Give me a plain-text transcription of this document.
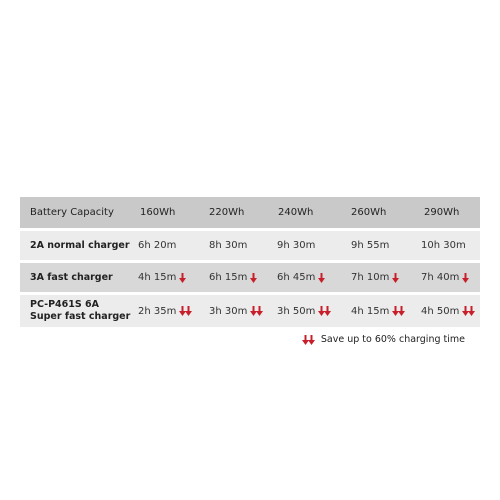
Battery Capacity	160Wh	220Wh	240Wh	260Wh	290Wh
2A normal charger 6h 20m	8h 30m	9h 30m	9h 55m	10h 30m
3A fast charger	4h 15m	6h 15m	6h 45m	7h 10m	7h 40m
PC-P461S 6A
Super fast charger 2h 35m	3h 30m	3h 50m	4h 15m	4h 50m
Save up to 60% charging time
